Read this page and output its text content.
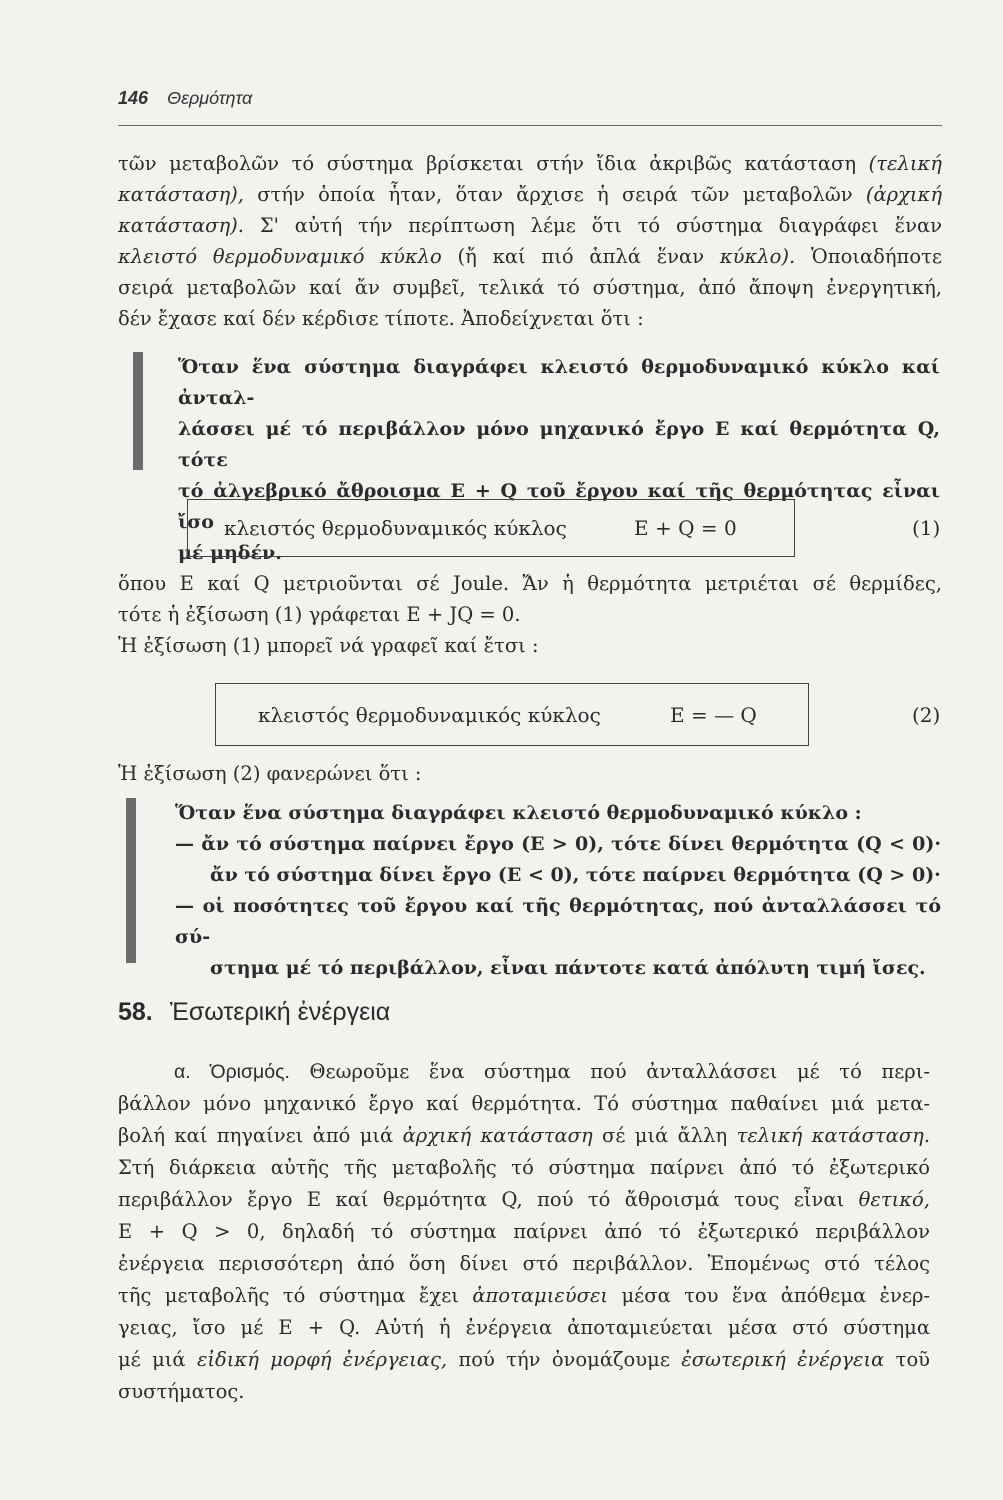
146 Θερμότητα
τῶν μεταβολῶν τό σύστημα βρίσκεται στήν ἴδια ἀκριβῶς κατάσταση (τελική
κατάσταση), στήν ὁποία ἦταν, ὅταν ἄρχισε ἡ σειρά τῶν μεταβολῶν (ἀρχική
κατάσταση). Σ' αὐτή τήν περίπτωση λέμε ὅτι τό σύστημα διαγράφει ἕναν
κλειστό θερμοδυναμικό κύκλο (ἤ καί πιό ἁπλά ἕναν κύκλο). Ὁποιαδήποτε
σειρά μεταβολῶν καί ἄν συμβεῖ, τελικά τό σύστημα, ἀπό ἄποψη ἐνεργητική,
δέν ἔχασε καί δέν κέρδισε τίποτε. Ἀποδείχνεται ὅτι :
Ὅταν ἕνα σύστημα διαγράφει κλειστό θερμοδυναμικό κύκλο καί ἀνταλ-
λάσσει μέ τό περιβάλλον μόνο μηχανικό ἔργο E καί θερμότητα Q, τότε
τό ἀλγεβρικό ἄθροισμα E + Q τοῦ ἔργου καί τῆς θερμότητας εἶναι ἴσο
μέ μηδέν.
κλειστός θερμοδυναμικός κύκλος	E + Q = 0	(1)
ὅπου E καί Q μετριοῦνται σέ Joule. Ἄν ἡ θερμότητα μετριέται σέ θερμίδες,
τότε ἡ ἐξίσωση (1) γράφεται E + JQ = 0.
Ἡ ἐξίσωση (1) μπορεῖ νά γραφεῖ καί ἔτσι :
κλειστός θερμοδυναμικός κύκλος	E = — Q	(2)
Ἡ ἐξίσωση (2) φανερώνει ὅτι :
Ὅταν ἕνα σύστημα διαγράφει κλειστό θερμοδυναμικό κύκλο :
— ἄν τό σύστημα παίρνει ἔργο (E > 0), τότε δίνει θερμότητα (Q < 0)·
ἄν τό σύστημα δίνει ἔργο (E < 0), τότε παίρνει θερμότητα (Q > 0)·
— οἱ ποσότητες τοῦ ἔργου καί τῆς θερμότητας, πού ἀνταλλάσσει τό σύ-
στημα μέ τό περιβάλλον, εἶναι πάντοτε κατά ἀπόλυτη τιμή ἴσες.
58. Ἐσωτερική ἐνέργεια
α. Ὁρισμός. Θεωροῦμε ἕνα σύστημα πού ἀνταλλάσσει μέ τό περι-
βάλλον μόνο μηχανικό ἔργο καί θερμότητα. Τό σύστημα παθαίνει μιά μετα-
βολή καί πηγαίνει ἀπό μιά ἀρχική κατάσταση σέ μιά ἄλλη τελική κατάσταση.
Στή διάρκεια αὐτῆς τῆς μεταβολῆς τό σύστημα παίρνει ἀπό τό ἐξωτερικό
περιβάλλον ἔργο E καί θερμότητα Q, πού τό ἄθροισμά τους εἶναι θετικό,
E + Q > 0, δηλαδή τό σύστημα παίρνει ἀπό τό ἐξωτερικό περιβάλλον
ἐνέργεια περισσότερη ἀπό ὅση δίνει στό περιβάλλον. Ἐπομένως στό τέλος
τῆς μεταβολῆς τό σύστημα ἔχει ἀποταμιεύσει μέσα του ἕνα ἀπόθεμα ἐνερ-
γειας, ἴσο μέ E + Q. Αὐτή ἡ ἐνέργεια ἀποταμιεύεται μέσα στό σύστημα
μέ μιά εἰδική μορφή ἐνέργειας, πού τήν ὀνομάζουμε ἐσωτερική ἐνέργεια τοῦ
συστήματος.
